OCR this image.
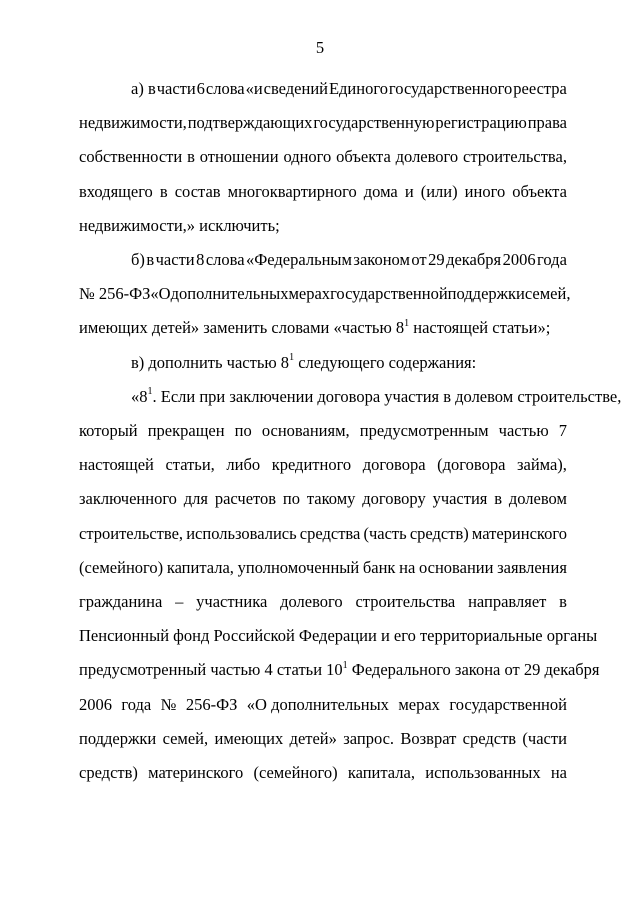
5
а) в части 6 слова «и сведений Единого государственного реестра
недвижимости, подтверждающих государственную регистрацию права
собственности в отношении одного объекта долевого строительства,
входящего в состав многоквартирного дома и (или) иного объекта
недвижимости,» исключить;
б) в части 8 слова «Федеральным законом от 29 декабря 2006 года
№ 256-ФЗ «О дополнительных мерах государственной поддержки семей,
имеющих детей» заменить словами «частью $8^1$ настоящей статьи»;
в) дополнить частью $8^1$ следующего содержания:
«$8^1$. Если при заключении договора участия в долевом строительстве,
который прекращен по основаниям, предусмотренным частью 7
настоящей статьи, либо кредитного договора (договора займа),
заключенного для расчетов по такому договору участия в долевом
строительстве, использовались средства (часть средств) материнского
(семейного) капитала, уполномоченный банк на основании заявления
гражданина – участника долевого строительства направляет в
Пенсионный фонд Российской Федерации и его территориальные органы
предусмотренный частью 4 статьи $10^1$ Федерального закона от 29 декабря
2006 года № 256-ФЗ «О дополнительных мерах государственной
поддержки семей, имеющих детей» запрос. Возврат средств (части
средств) материнского (семейного) капитала, использованных на
